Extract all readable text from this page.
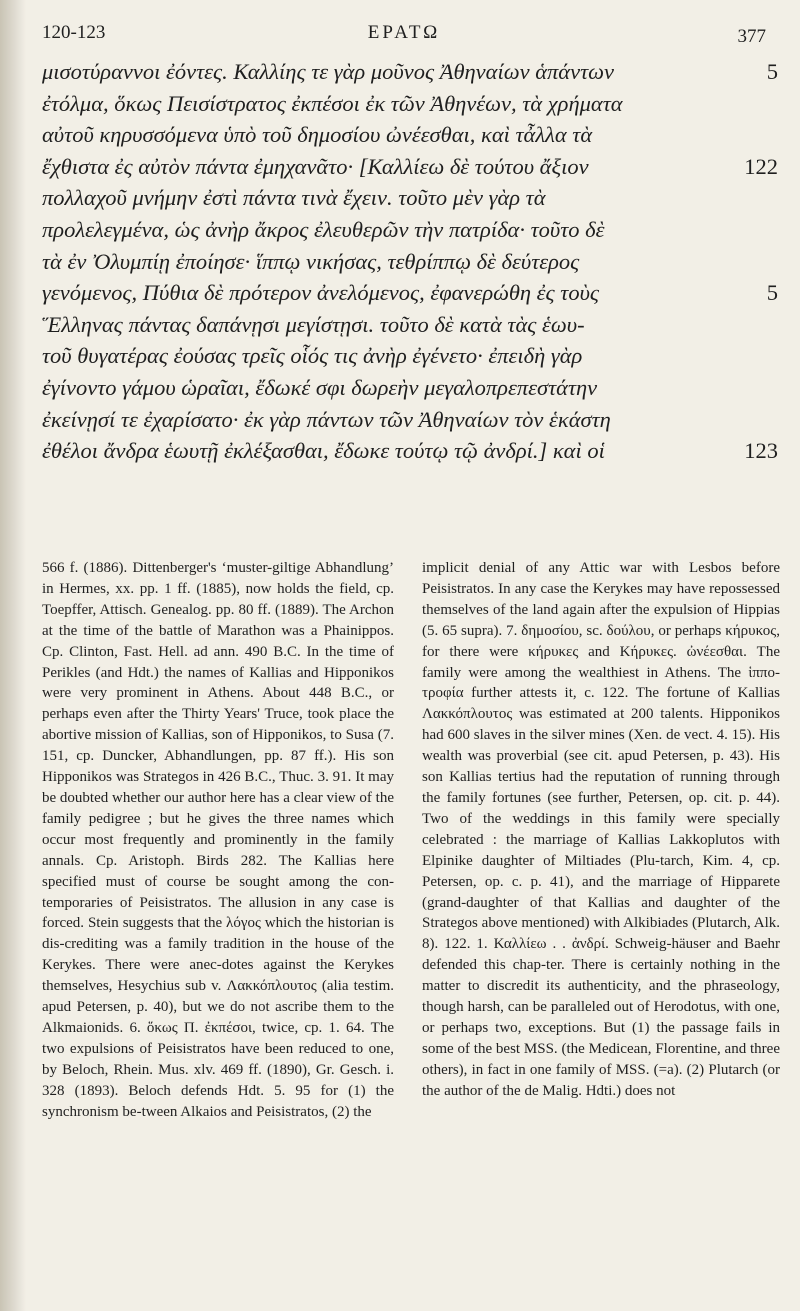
120-123	ΕΡΑΤΩ	377
μισοτύραννοι ἐόντες. Καλλίης τε γὰρ μοῦνος Ἀθηναίων ἁπάντων	5
ἐτόλμα, ὅκως Πεισίστρατος ἐκπέσοι ἐκ τῶν Ἀθηνέων, τὰ χρήματα
αὐτοῦ κηρυσσόμενα ὑπὸ τοῦ δημοσίου ὠνέεσθαι, καὶ τἆλλα τὰ
ἔχθιστα ἐς αὐτὸν πάντα ἐμηχανᾶτο· [Καλλίεω δὲ τούτου ἄξιον	122
πολλαχοῦ μνήμην ἐστὶ πάντα τινὰ ἔχειν. τοῦτο μὲν γὰρ τὰ
προλελεγμένα, ὡς ἀνὴρ ἄκρος ἐλευθερῶν τὴν πατρίδα· τοῦτο δὲ
τὰ ἐν Ὀλυμπίῃ ἐποίησε· ἵππῳ νικήσας, τεθρίππῳ δὲ δεύτερος
γενόμενος, Πύθια δὲ πρότερον ἀνελόμενος, ἐφανερώθη ἐς τοὺς	5
Ἕλληνας πάντας δαπάνῃσι μεγίστῃσι. τοῦτο δὲ κατὰ τὰς ἑωυ-
τοῦ θυγατέρας ἐούσας τρεῖς οἷός τις ἀνὴρ ἐγένετο· ἐπειδὴ γὰρ
ἐγίνοντο γάμου ὡραῖαι, ἔδωκέ σφι δωρεὴν μεγαλοπρεπεστάτην
ἐκείνῃσί τε ἐχαρίσατο· ἐκ γὰρ πάντων τῶν Ἀθηναίων τὸν ἑκάστη
ἐθέλοι ἄνδρα ἑωυτῇ ἐκλέξασθαι, ἔδωκε τούτῳ τῷ ἀνδρί.] καὶ οἱ	123

566 f. (1886). Dittenberger's ‘muster-giltige Abhandlung’ in Hermes, xx. pp. 1 ff. (1885), now holds the field, cp. Toepffer, Attisch. Genealog. pp. 80 ff. (1889). The Archon at the time of the battle of Marathon was a Phainippos. Cp. Clinton, Fast. Hell. ad ann. 490 B.C. In the time of Perikles (and Hdt.) the names of Kallias and Hipponikos were very prominent in Athens. About 448 B.C., or perhaps even after the Thirty Years' Truce, took place the abortive mission of Kallias, son of Hipponikos, to Susa (7. 151, cp. Duncker, Abhandlungen, pp. 87 ff.). His son Hipponikos was Strategos in 426 B.C., Thuc. 3. 91. It may be doubted whether our author here has a clear view of the family pedigree ; but he gives the three names which occur most frequently and prominently in the family annals. Cp. Aristoph. Birds 282. The Kallias here specified must of course be sought among the con-temporaries of Peisistratos. The allusion in any case is forced. Stein suggests that the λόγος which the historian is dis-crediting was a family tradition in the house of the Kerykes. There were anec-dotes against the Kerykes themselves, Hesychius sub v. Λακκόπλουτος (alia testim. apud Petersen, p. 40), but we do not ascribe them to the Alkmaionids. 6. ὅκως Π. ἐκπέσοι, twice, cp. 1. 64. The two expulsions of Peisistratos have been reduced to one, by Beloch, Rhein. Mus. xlv. 469 ff. (1890), Gr. Gesch. i. 328 (1893). Beloch defends Hdt. 5. 95 for (1) the synchronism be-tween Alkaios and Peisistratos, (2) the

implicit denial of any Attic war with Lesbos before Peisistratos. In any case the Kerykes may have repossessed themselves of the land again after the expulsion of Hippias (5. 65 supra). 7. δημοσίου, sc. δούλου, or perhaps κήρυκος, for there were κήρυκες and Κήρυκες. ὠνέεσθαι. The family were among the wealthiest in Athens. The ἱππο-τροφία further attests it, c. 122. The fortune of Kallias Λακκόπλουτος was estimated at 200 talents. Hipponikos had 600 slaves in the silver mines (Xen. de vect. 4. 15). His wealth was proverbial (see cit. apud Petersen, p. 43). His son Kallias tertius had the reputation of running through the family fortunes (see further, Petersen, op. cit. p. 44). Two of the weddings in this family were specially celebrated : the marriage of Kallias Lakkoplutos with Elpinike daughter of Miltiades (Plu-tarch, Kim. 4, cp. Petersen, op. c. p. 41), and the marriage of Hipparete (grand-daughter of that Kallias and daughter of the Strategos above mentioned) with Alkibiades (Plutarch, Alk. 8). 122. 1. Καλλίεω . . ἀνδρί. Schweig-häuser and Baehr defended this chap-ter. There is certainly nothing in the matter to discredit its authenticity, and the phraseology, though harsh, can be paralleled out of Herodotus, with one, or perhaps two, exceptions. But (1) the passage fails in some of the best MSS. (the Medicean, Florentine, and three others), in fact in one family of MSS. (=a). (2) Plutarch (or the author of the de Malig. Hdti.) does not
